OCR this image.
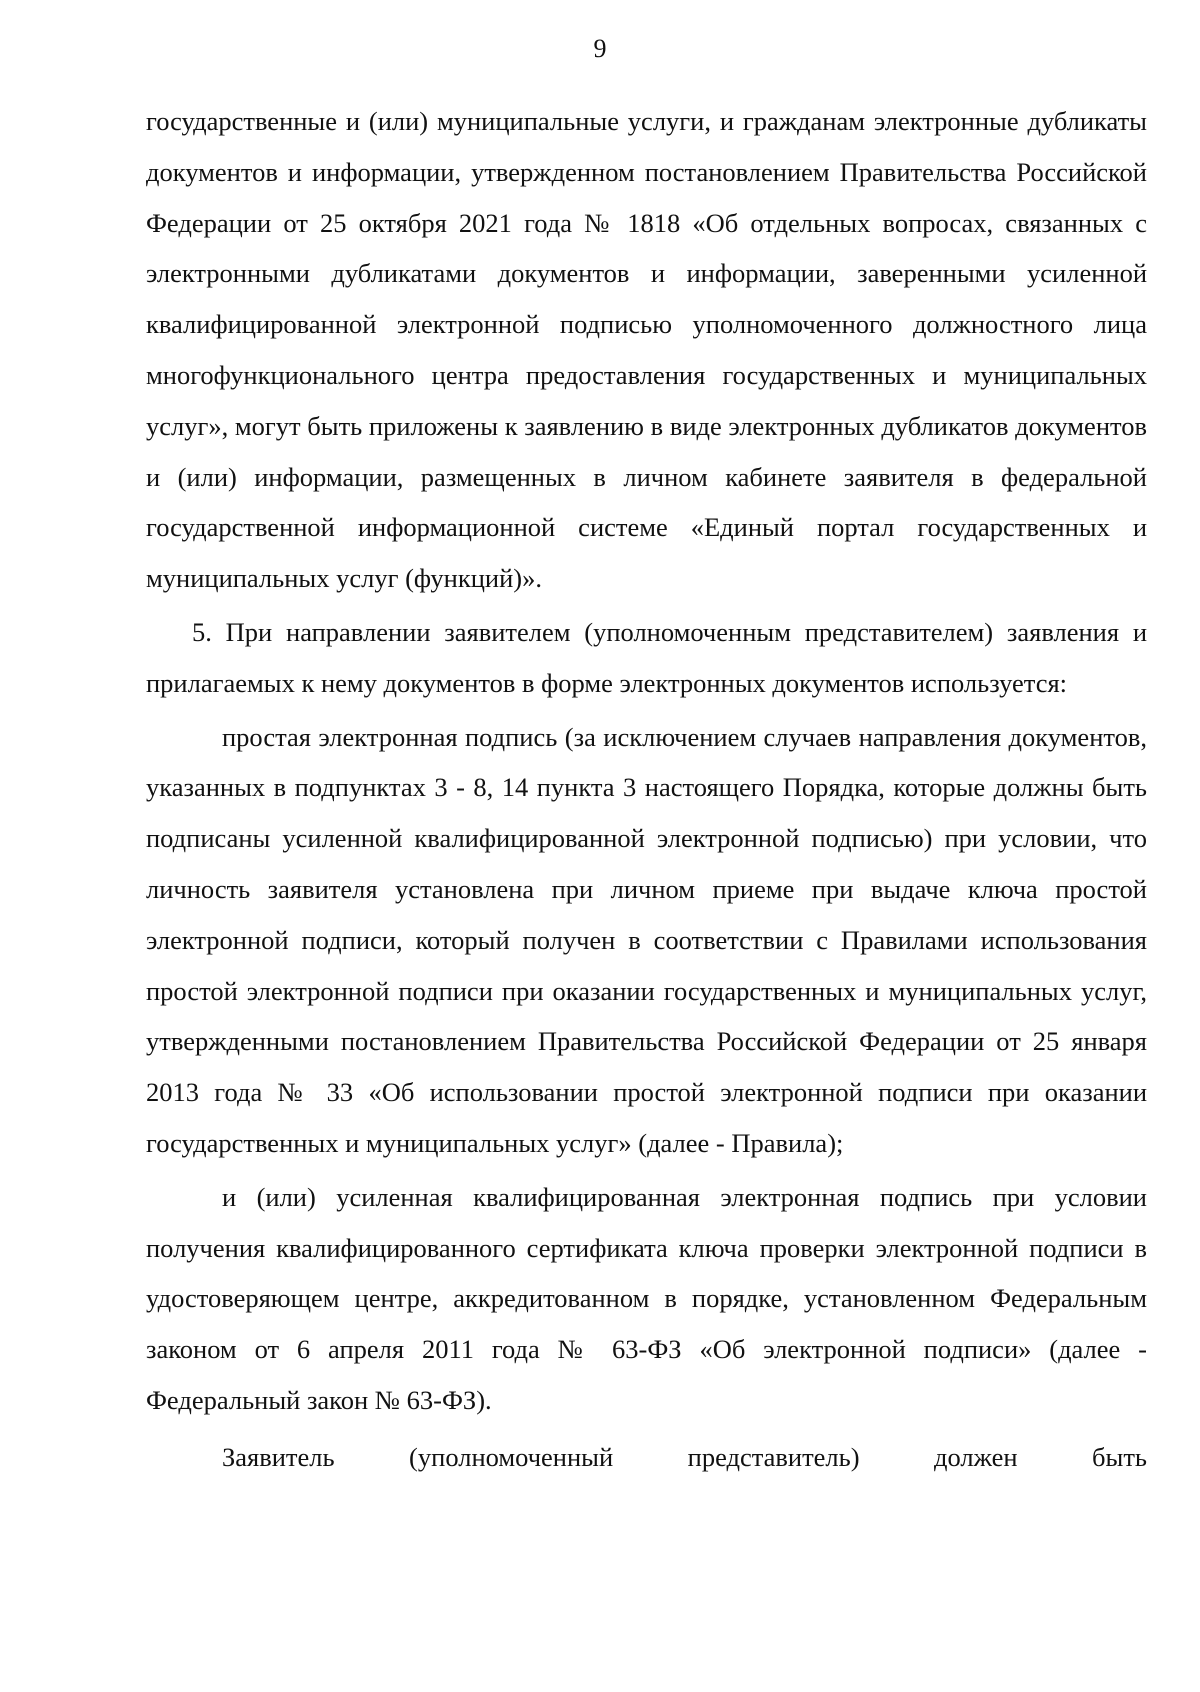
9

государственные и (или) муниципальные услуги, и гражданам электронные дубликаты документов и информации, утвержденном постановлением Правительства Российской Федерации от 25 октября 2021 года № 1818 «Об отдельных вопросах, связанных с электронными дубликатами документов и информации, заверенными усиленной квалифицированной электронной подписью уполномоченного должностного лица многофункционального центра предоставления государственных и муниципальных услуг», могут быть приложены к заявлению в виде электронных дубликатов документов и (или) информации, размещенных в личном кабинете заявителя в федеральной государственной информационной системе «Единый портал государственных и муниципальных услуг (функций)».

5. При направлении заявителем (уполномоченным представителем) заявления и прилагаемых к нему документов в форме электронных документов используется:

простая электронная подпись (за исключением случаев направления документов, указанных в подпунктах 3 - 8, 14 пункта 3 настоящего Порядка, которые должны быть подписаны усиленной квалифицированной электронной подписью) при условии, что личность заявителя установлена при личном приеме при выдаче ключа простой электронной подписи, который получен в соответствии с Правилами использования простой электронной подписи при оказании государственных и муниципальных услуг, утвержденными постановлением Правительства Российской Федерации от 25 января 2013 года № 33 «Об использовании простой электронной подписи при оказании государственных и муниципальных услуг» (далее - Правила);

и (или) усиленная квалифицированная электронная подпись при условии получения квалифицированного сертификата ключа проверки электронной подписи в удостоверяющем центре, аккредитованном в порядке, установленном Федеральным законом от 6 апреля 2011 года № 63-ФЗ «Об электронной подписи» (далее - Федеральный закон № 63-ФЗ).

Заявитель (уполномоченный представитель) должен быть
